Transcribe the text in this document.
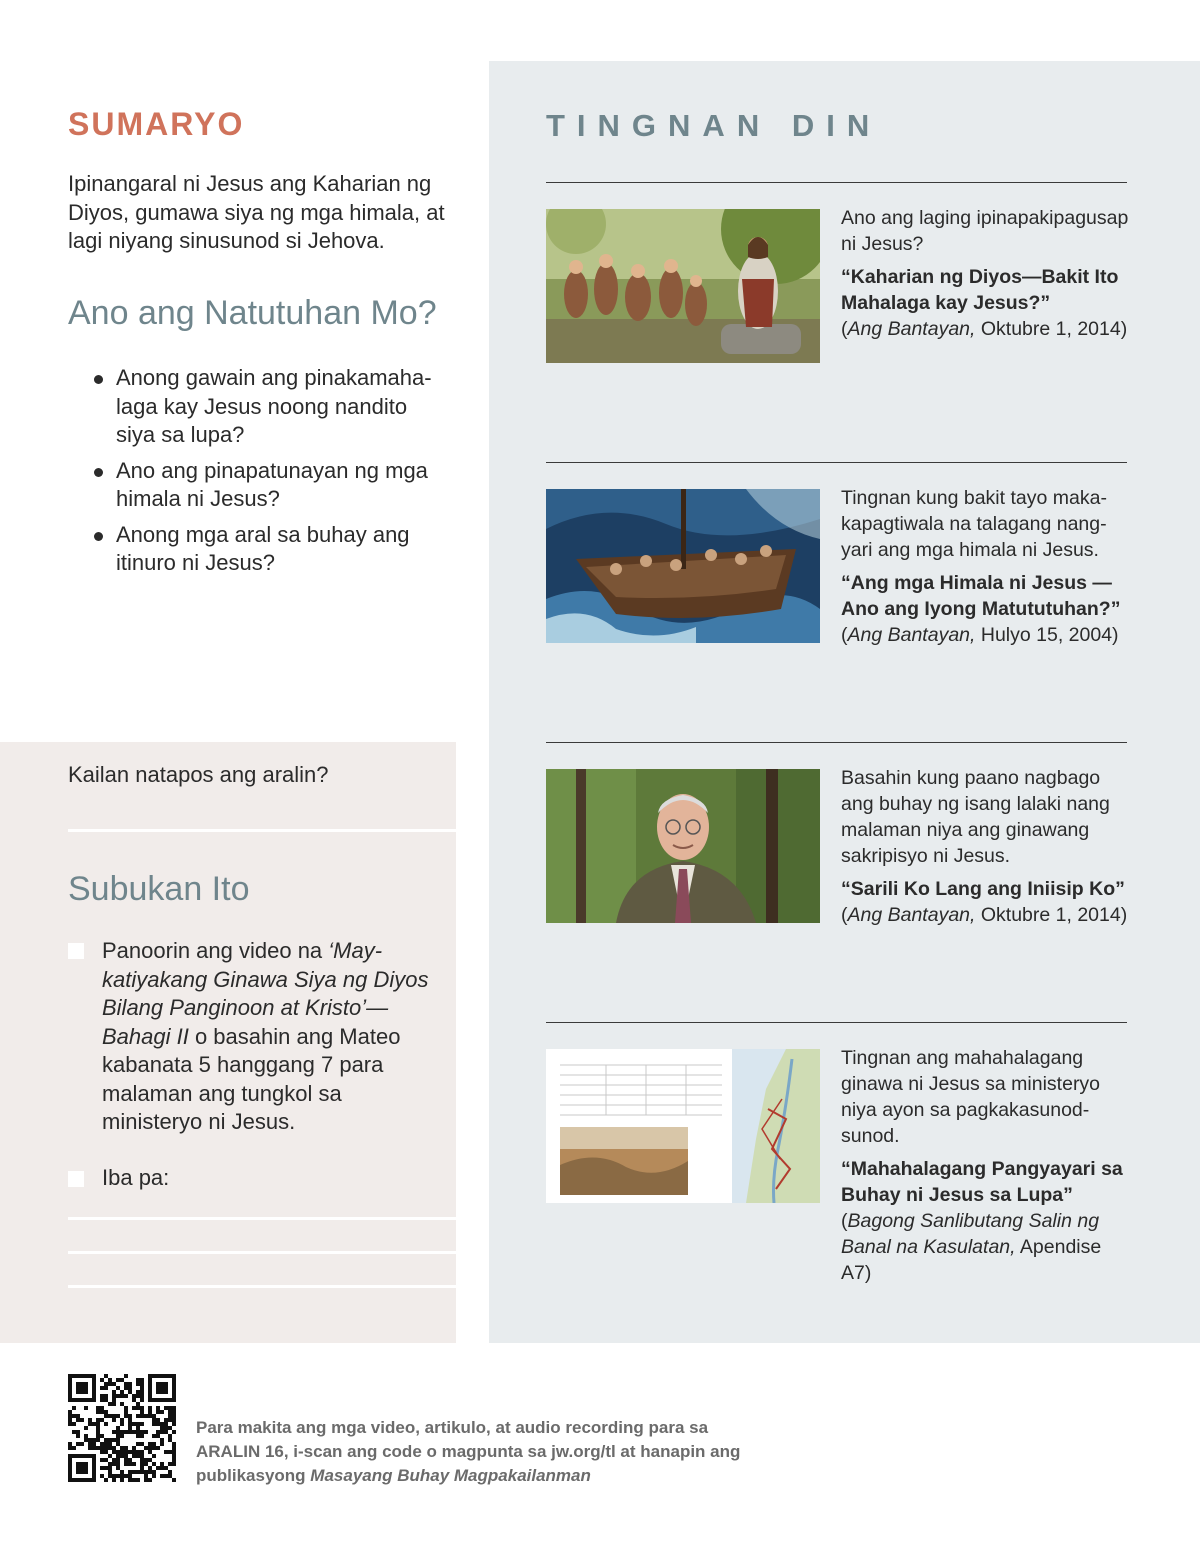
SUMARYO

Ipinangaral ni Jesus ang Kaharian ng Diyos, gumawa siya ng mga himala, at lagi niyang sinusunod si Jehova.

Ano ang Natutuhan Mo?
Anong gawain ang pinakamahalaga kay Jesus noong nandito siya sa lupa?
Ano ang pinapatunayan ng mga himala ni Jesus?
Anong mga aral sa buhay ang itinuro ni Jesus?

Kailan natapos ang aralin?

Subukan Ito

Panoorin ang video na ‘Maykatiyakang Ginawa Siya ng Diyos Bilang Panginoon at Kristo’—Bahagi II o basahin ang Mateo kabanata 5 hanggang 7 para malaman ang tungkol sa ministeryo ni Jesus.

Iba pa:

TINGNAN DIN

Ano ang laging ipinapakipagusap ni Jesus?

“Kaharian ng Diyos—Bakit Ito Mahalaga kay Jesus?”
(Ang Bantayan, Oktubre 1, 2014)

Tingnan kung bakit tayo makakapagtiwala na talagang nangyari ang mga himala ni Jesus.

“Ang mga Himala ni Jesus —Ano ang Iyong Matututuhan?” (Ang Bantayan, Hulyo 15, 2004)

Basahin kung paano nagbago ang buhay ng isang lalaki nang malaman niya ang ginawang sakripisyo ni Jesus.

“Sarili Ko Lang ang Iniisip Ko”
(Ang Bantayan, Oktubre 1, 2014)

Tingnan ang mahahalagang ginawa ni Jesus sa ministeryo niya ayon sa pagkakasunod-sunod.

“Mahahalagang Pangyayari sa Buhay ni Jesus sa Lupa”
(Bagong Sanlibutang Salin ng Banal na Kasulatan, Apendise A7)

Para makita ang mga video, artikulo, at audio recording para sa ARALIN 16, i-scan ang code o magpunta sa jw.org/tl at hanapin ang publikasyong Masayang Buhay Magpakailanman
